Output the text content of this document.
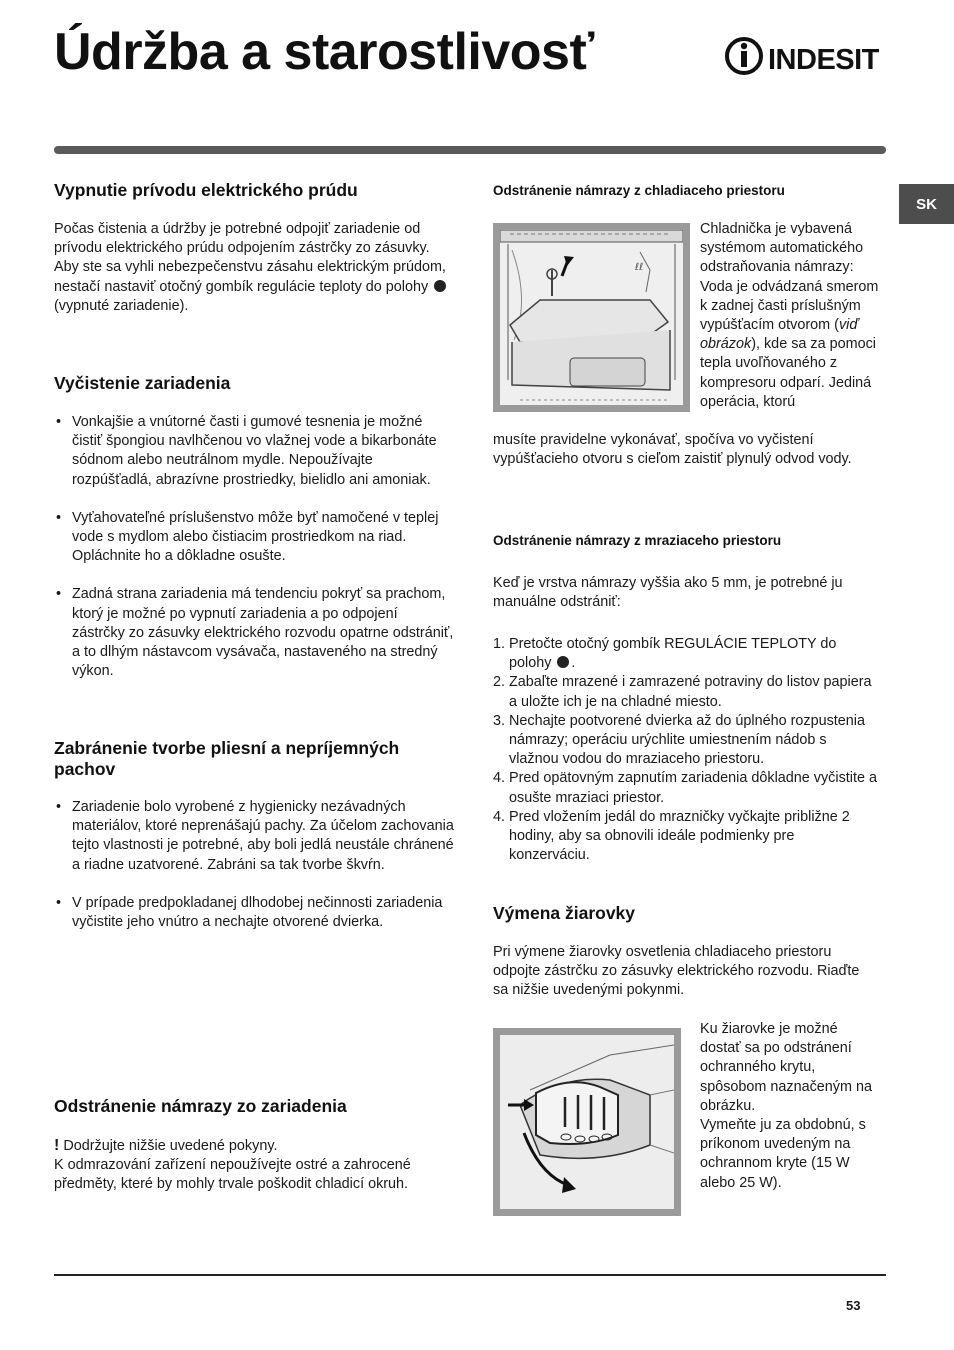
Údržba a starostlivosť	INDESIT
SK
Vypnutie prívodu elektrického prúdu

Počas čistenia a údržby je potrebné odpojiť zariadenie od prívodu elektrického prúdu odpojením zástrčky zo zásuvky.

Aby ste sa vyhli nebezpečenstvu zásahu elektrickým prúdom, nestačí nastaviť otočný gombík regulácie teploty do polohy  (vypnuté zariadenie).

Vyčistenie zariadenia
• Vonkajšie a vnútorné časti i gumové tesnenia je možné čistiť špongiou navlhčenou vo vlažnej vode a bikarbonáte sódnom alebo neutrálnom mydle. Nepoužívajte rozpúšťadlá, abrazívne prostriedky, bielidlo ani amoniak.
• Vyťahovateľné príslušenstvo môže byť namočené v teplej vode s mydlom alebo čistiacim prostriedkom na riad. Opláchnite ho a dôkladne osušte.
• Zadná strana zariadenia má tendenciu pokryť sa prachom, ktorý je možné po vypnutí zariadenia a po odpojení zástrčky zo zásuvky elektrického rozvodu opatrne odstrániť, a to dlhým nástavcom vysávača, nastaveného na stredný výkon.
Zabránenie tvorbe pliesní a nepríjemných pachov
• Zariadenie bolo vyrobené z hygienicky nezávadných materiálov, ktoré neprenášajú pachy. Za účelom zachovania tejto vlastnosti je potrebné, aby boli jedlá neustále chránené a riadne uzatvorené. Zabráni sa tak tvorbe škvŕn.
• V prípade predpokladanej dlhodobej nečinnosti zariadenia vyčistite jeho vnútro a nechajte otvorené dvierka.
Odstránenie námrazy zo zariadenia

! Dodržujte nižšie uvedené pokyny.

K odmrazování zařízení nepoužívejte ostré a zahrocené předměty, které by mohly trvale poškodit chladicí okruh.

Odstránenie námrazy z chladiaceho priestoru
ℓℓ

Chladnička je vybavená systémom automatického odstraňovania námrazy: Voda je odvádzaná smerom k zadnej časti príslušným vypúšťacím otvorom (viď obrázok), kde sa za pomoci tepla uvoľňovaného z kompresoru odparí. Jediná operácia, ktorú

musíte pravidelne vykonávať, spočíva vo vyčistení vypúšťacieho otvoru s cieľom zaistiť plynulý odvod vody.

Odstránenie námrazy z mraziaceho priestoru

Keď je vrstva námrazy vyššia ako 5 mm, je potrebné ju manuálne odstrániť:

1. Pretočte otočný gombík REGULÁCIE TEPLOTY do polohy .
2. Zabaľte mrazené i zamrazené potraviny do listov papiera a uložte ich je na chladné miesto.
3. Nechajte pootvorené dvierka až do úplného rozpustenia námrazy; operáciu urýchlite umiestnením nádob s vlažnou vodou do mraziaceho priestoru.
4. Pred opätovným zapnutím zariadenia dôkladne vyčistite a osušte mraziaci priestor.
4. Pred vložením jedál do mrazničky vyčkajte približne 2 hodiny, aby sa obnovili ideále podmienky pre konzerváciu.
Výmena žiarovky

Pri výmene žiarovky osvetlenia chladiaceho priestoru odpojte zástrčku zo zásuvky elektrického rozvodu. Riaďte sa nižšie uvedenými pokynmi.

Ku žiarovke je možné dostať sa po odstránení ochranného krytu, spôsobom naznačeným na obrázku.

Vymeňte ju za obdobnú, s príkonom uvedeným na ochrannom kryte (15 W alebo 25 W).

53
